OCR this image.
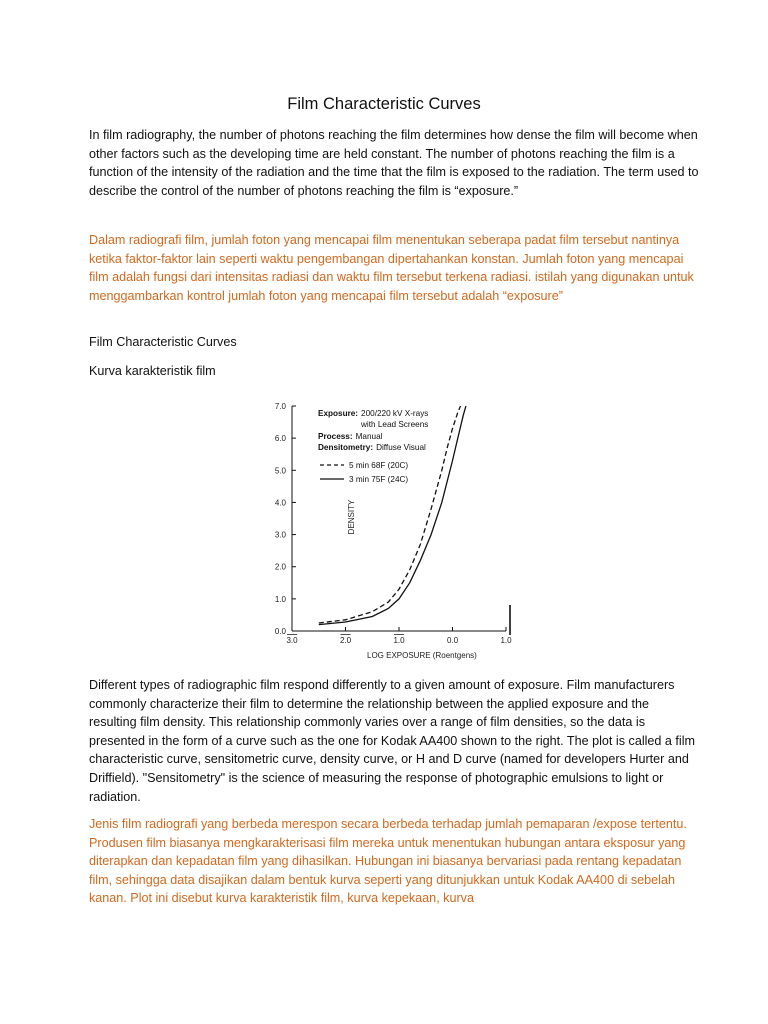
Film Characteristic Curves

In film radiography, the number of photons reaching the film determines how dense the film will become when other factors such as the developing time are held constant. The number of photons reaching the film is a function of the intensity of the radiation and the time that the film is exposed to the radiation. The term used to describe the control of the number of photons reaching the film is “exposure.”

Dalam radiografi film, jumlah foton yang mencapai film menentukan seberapa padat film tersebut nantinya ketika faktor-faktor lain seperti waktu pengembangan dipertahankan konstan. Jumlah foton yang mencapai film adalah fungsi dari intensitas radiasi dan waktu film tersebut terkena radiasi. istilah yang digunakan untuk menggambarkan kontrol jumlah foton yang mencapai film tersebut adalah “exposure”

Film Characteristic Curves

Kurva karakteristik film

0.0
1.0
2.0
3.0
4.0
5.0
6.0
7.0
3.0	2.0	1.0	0.0	1.0
Exposure: 200/220 kV X-rays
with Lead Screens
Process: Manual
Densitometry: Diffuse Visual
5 min 68F (20C)
3 min 75F (24C)
LOG EXPOSURE (Roentgens)
DENSITY

Different types of radiographic film respond differently to a given amount of exposure. Film manufacturers commonly characterize their film to determine the relationship between the applied exposure and the resulting film density. This relationship commonly varies over a range of film densities, so the data is presented in the form of a curve such as the one for Kodak AA400 shown to the right. The plot is called a film characteristic curve, sensitometric curve, density curve, or H and D curve (named for developers Hurter and Driffield). "Sensitometry" is the science of measuring the response of photographic emulsions to light or radiation.

Jenis film radiografi yang berbeda merespon secara berbeda terhadap jumlah pemaparan /expose tertentu. Produsen film biasanya mengkarakterisasi film mereka untuk menentukan hubungan antara eksposur yang diterapkan dan kepadatan film yang dihasilkan. Hubungan ini biasanya bervariasi pada rentang kepadatan film, sehingga data disajikan dalam bentuk kurva seperti yang ditunjukkan untuk Kodak AA400 di sebelah kanan. Plot ini disebut kurva karakteristik film, kurva kepekaan, kurva
